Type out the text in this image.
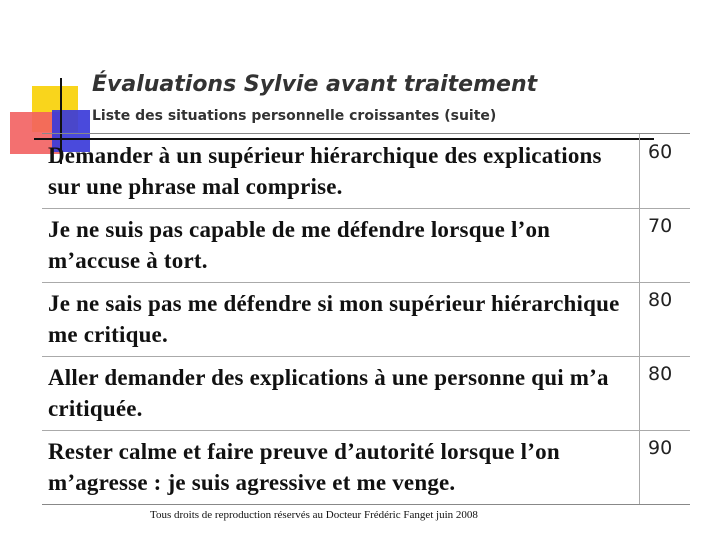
Évaluations Sylvie avant traitement
Liste des situations personnelle croissantes (suite)
Demander à un supérieur hiérarchique des explications sur une phrase mal comprise.
60
Je ne suis pas capable de me défendre lorsque l’on m’accuse à tort.
70
Je ne sais pas me défendre si mon supérieur hiérarchique me critique.
80
Aller demander des explications à une personne qui m’a critiquée.
80
Rester calme et faire preuve d’autorité lorsque l’on m’agresse : je suis agressive et me venge.
90
Tous droits de reproduction réservés au Docteur Frédéric Fanget juin 2008
